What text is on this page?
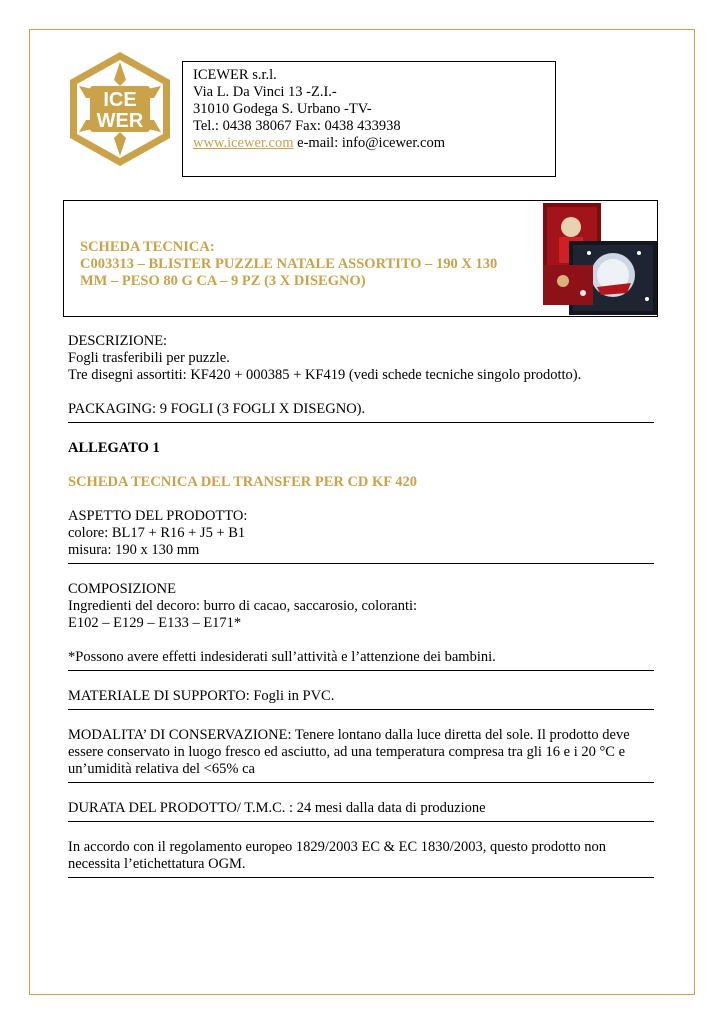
ICE
WER
ICEWER s.r.l.
Via L. Da Vinci 13 -Z.I.-
31010 Godega S. Urbano -TV-
Tel.: 0438 38067 Fax: 0438 433938
www.icewer.com e-mail: info@icewer.com
SCHEDA TECNICA:
C003313 – BLISTER PUZZLE NATALE ASSORTITO – 190 X 130
MM – PESO 80 G CA – 9 PZ (3 X DISEGNO)

DESCRIZIONE:

Fogli trasferibili per puzzle.

Tre disegni assortiti: KF420 + 000385 + KF419 (vedi schede tecniche singolo prodotto).

PACKAGING: 9 FOGLI (3 FOGLI X DISEGNO).

ALLEGATO 1

SCHEDA TECNICA DEL TRANSFER PER CD KF 420

ASPETTO DEL PRODOTTO:

colore: BL17 + R16 + J5 + B1

misura: 190 x 130 mm

COMPOSIZIONE

Ingredienti del decoro: burro di cacao, saccarosio, coloranti:

E102 – E129 – E133 – E171*

*Possono avere effetti indesiderati sull’attività e l’attenzione dei bambini.

MATERIALE DI SUPPORTO: Fogli in PVC.

MODALITA’ DI CONSERVAZIONE: Tenere lontano dalla luce diretta del sole. Il prodotto deve

essere conservato in luogo fresco ed asciutto, ad una temperatura compresa tra gli 16 e i 20 °C e

un’umidità relativa del <65% ca

DURATA DEL PRODOTTO/ T.M.C. : 24 mesi dalla data di produzione

In accordo con il regolamento europeo 1829/2003 EC & EC 1830/2003, questo prodotto non

necessita l’etichettatura OGM.
